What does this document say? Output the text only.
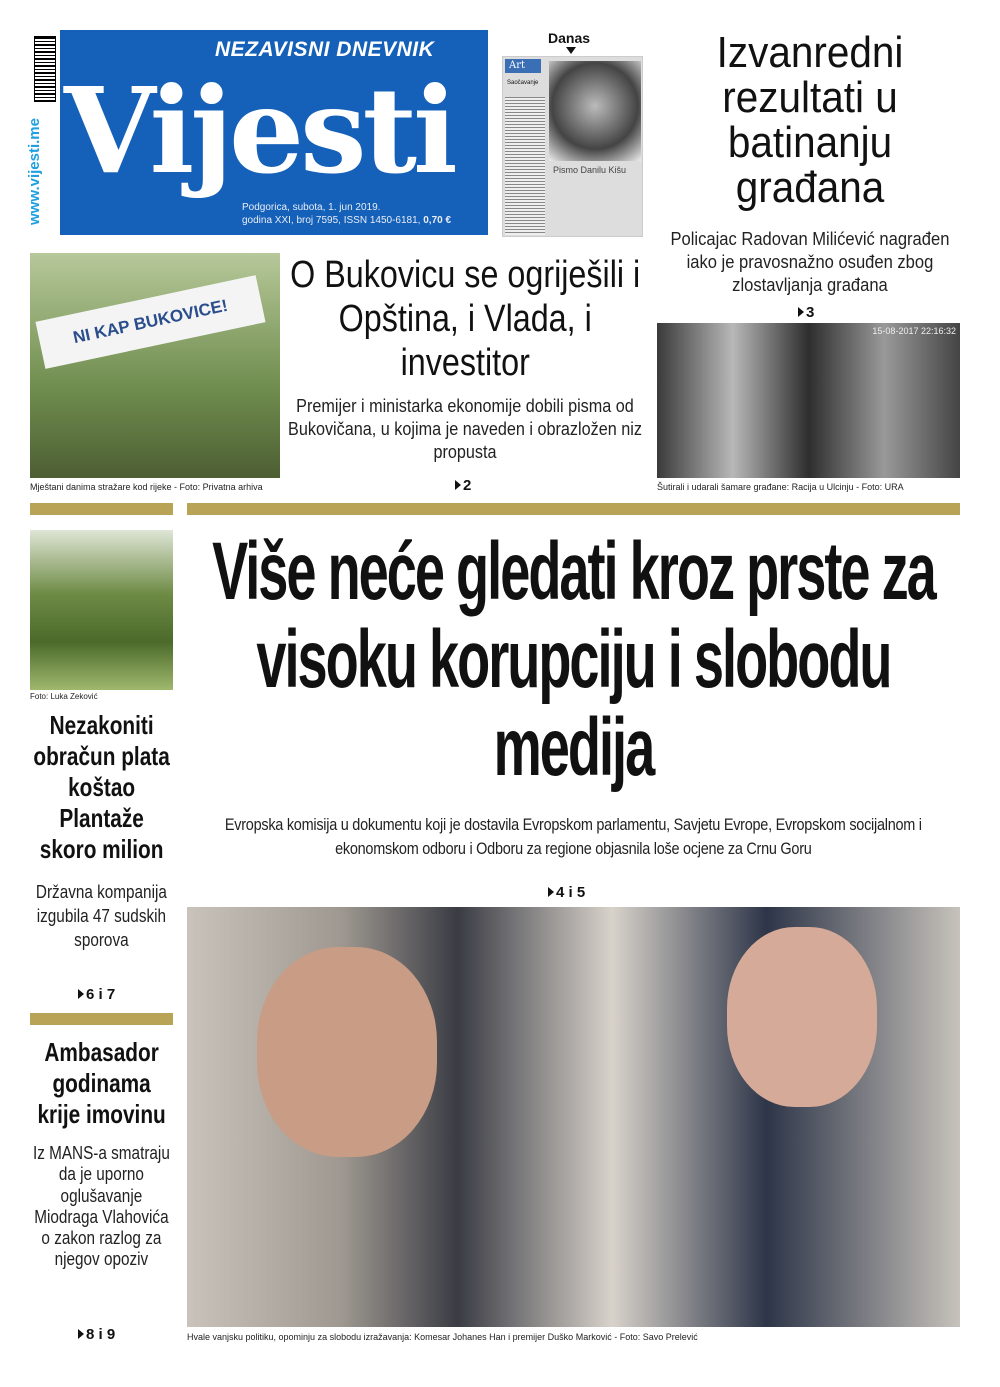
www.vijesti.me
NEZAVISNI DNEVNIK
Vijesti
Podgorica, subota, 1. jun 2019.
godina XXI, broj 7595, ISSN 1450-6181, 0,70 €
Danas
Art
Saočavanje
Pismo Danilu Kišu
Izvanredni rezultati u batinanju građana
Policajac Radovan Milićević nagrađen iako je pravosnažno osuđen zbog zlostavljanja građana
3
15-08-2017 22:16:32
Šutirali i udarali šamare građane: Racija u Ulcinju - Foto: URA
NI KAP BUKOVICE!
O Bukovicu se ogriješili i Opština, i Vlada, i investitor
Premijer i ministarka ekonomije dobili pisma od Bukovičana, u kojima je naveden i obrazložen niz propusta
2
Mještani danima stražare kod rijeke - Foto: Privatna arhiva
Foto: Luka Zeković
Nezakoniti obračun plata koštao Plantaže skoro milion
Državna kompanija izgubila 47 sudskih sporova
6 i 7
Ambasador godinama krije imovinu
Iz MANS-a smatraju da je uporno oglušavanje Miodraga Vlahovića o zakon razlog za njegov opoziv
8 i 9
Više neće gledati kroz prste za visoku korupciju i slobodu medija
Evropska komisija u dokumentu koji je dostavila Evropskom parlamentu, Savjetu Evrope, Evropskom socijalnom i ekonomskom odboru i Odboru za regione objasnila loše ocjene za Crnu Goru
4 i 5
Hvale vanjsku politiku, opominju za slobodu izražavanja: Komesar Johanes Han i premijer Duško Marković - Foto: Savo Prelević
